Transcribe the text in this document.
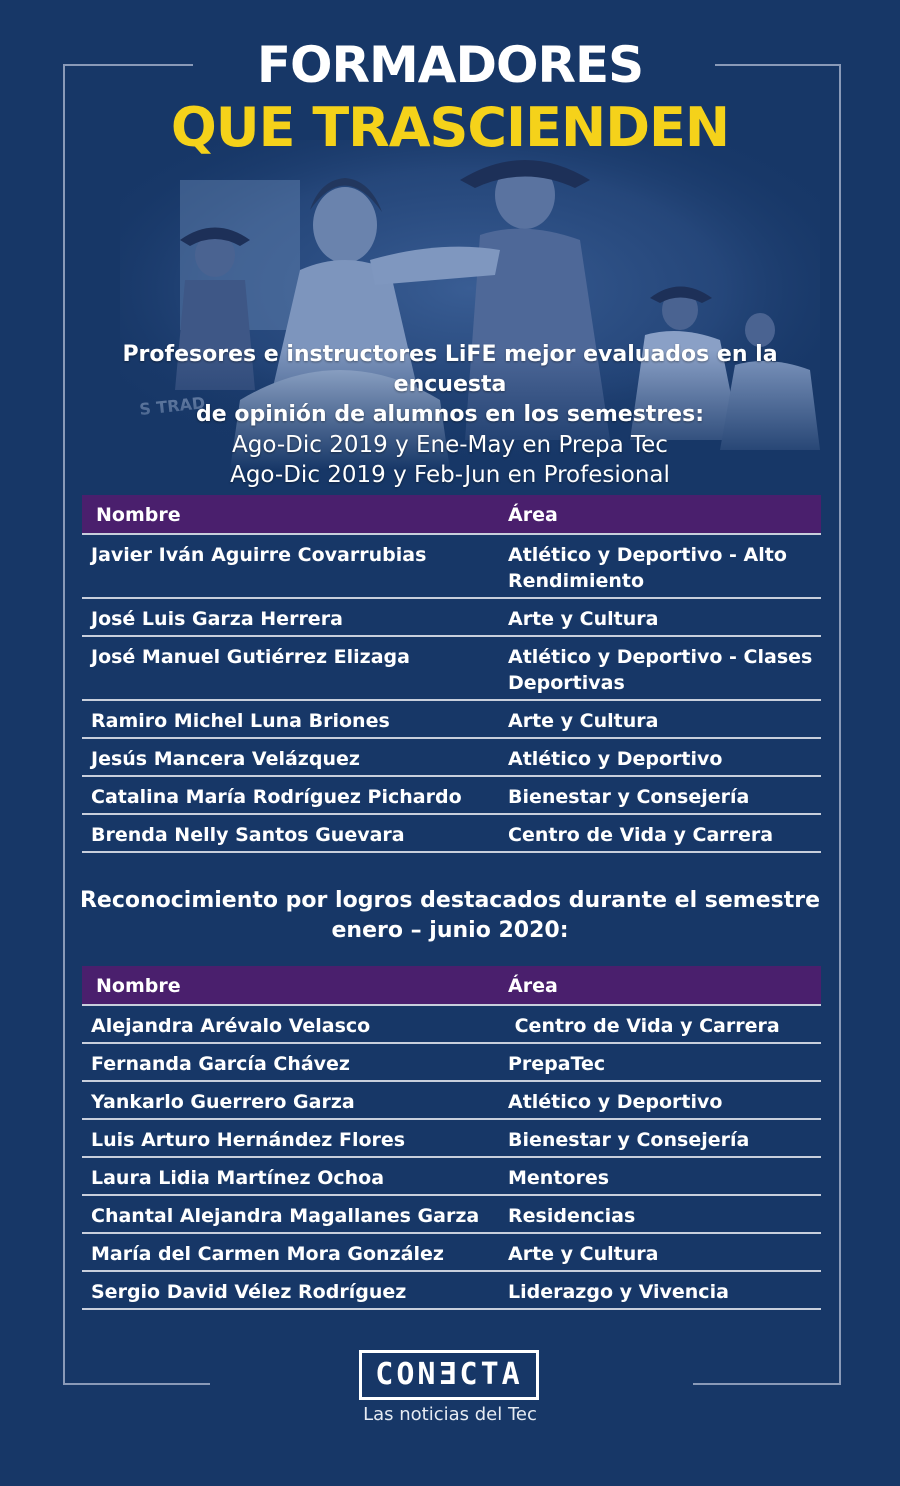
FORMADORES
QUE TRASCIENDEN
Profesores e instructores LiFE mejor evaluados en la encuesta
de opinión de alumnos en los semestres:
Ago-Dic 2019 y Ene-May en Prepa Tec
Ago-Dic 2019 y Feb-Jun en Profesional
Nombre	Área
Javier Iván Aguirre Covarrubias	Atlético y Deportivo - Alto Rendimiento
José Luis Garza Herrera	Arte y Cultura
José Manuel Gutiérrez Elizaga	Atlético y Deportivo - Clases Deportivas
Ramiro Michel Luna Briones	Arte y Cultura
Jesús Mancera Velázquez	Atlético y Deportivo
Catalina María Rodríguez Pichardo	Bienestar y Consejería
Brenda Nelly Santos Guevara	Centro de Vida y Carrera
Reconocimiento por logros destacados durante el semestre
enero – junio 2020:
Nombre	Área
Alejandra Arévalo Velasco	Centro de Vida y Carrera
Fernanda García Chávez	PrepaTec
Yankarlo Guerrero Garza	Atlético y Deportivo
Luis Arturo Hernández Flores	Bienestar y Consejería
Laura Lidia Martínez Ochoa	Mentores
Chantal Alejandra Magallanes Garza	Residencias
María del Carmen Mora González	Arte y Cultura
Sergio David Vélez Rodríguez	Liderazgo y Vivencia
CONƎCTA
Las noticias del Tec
